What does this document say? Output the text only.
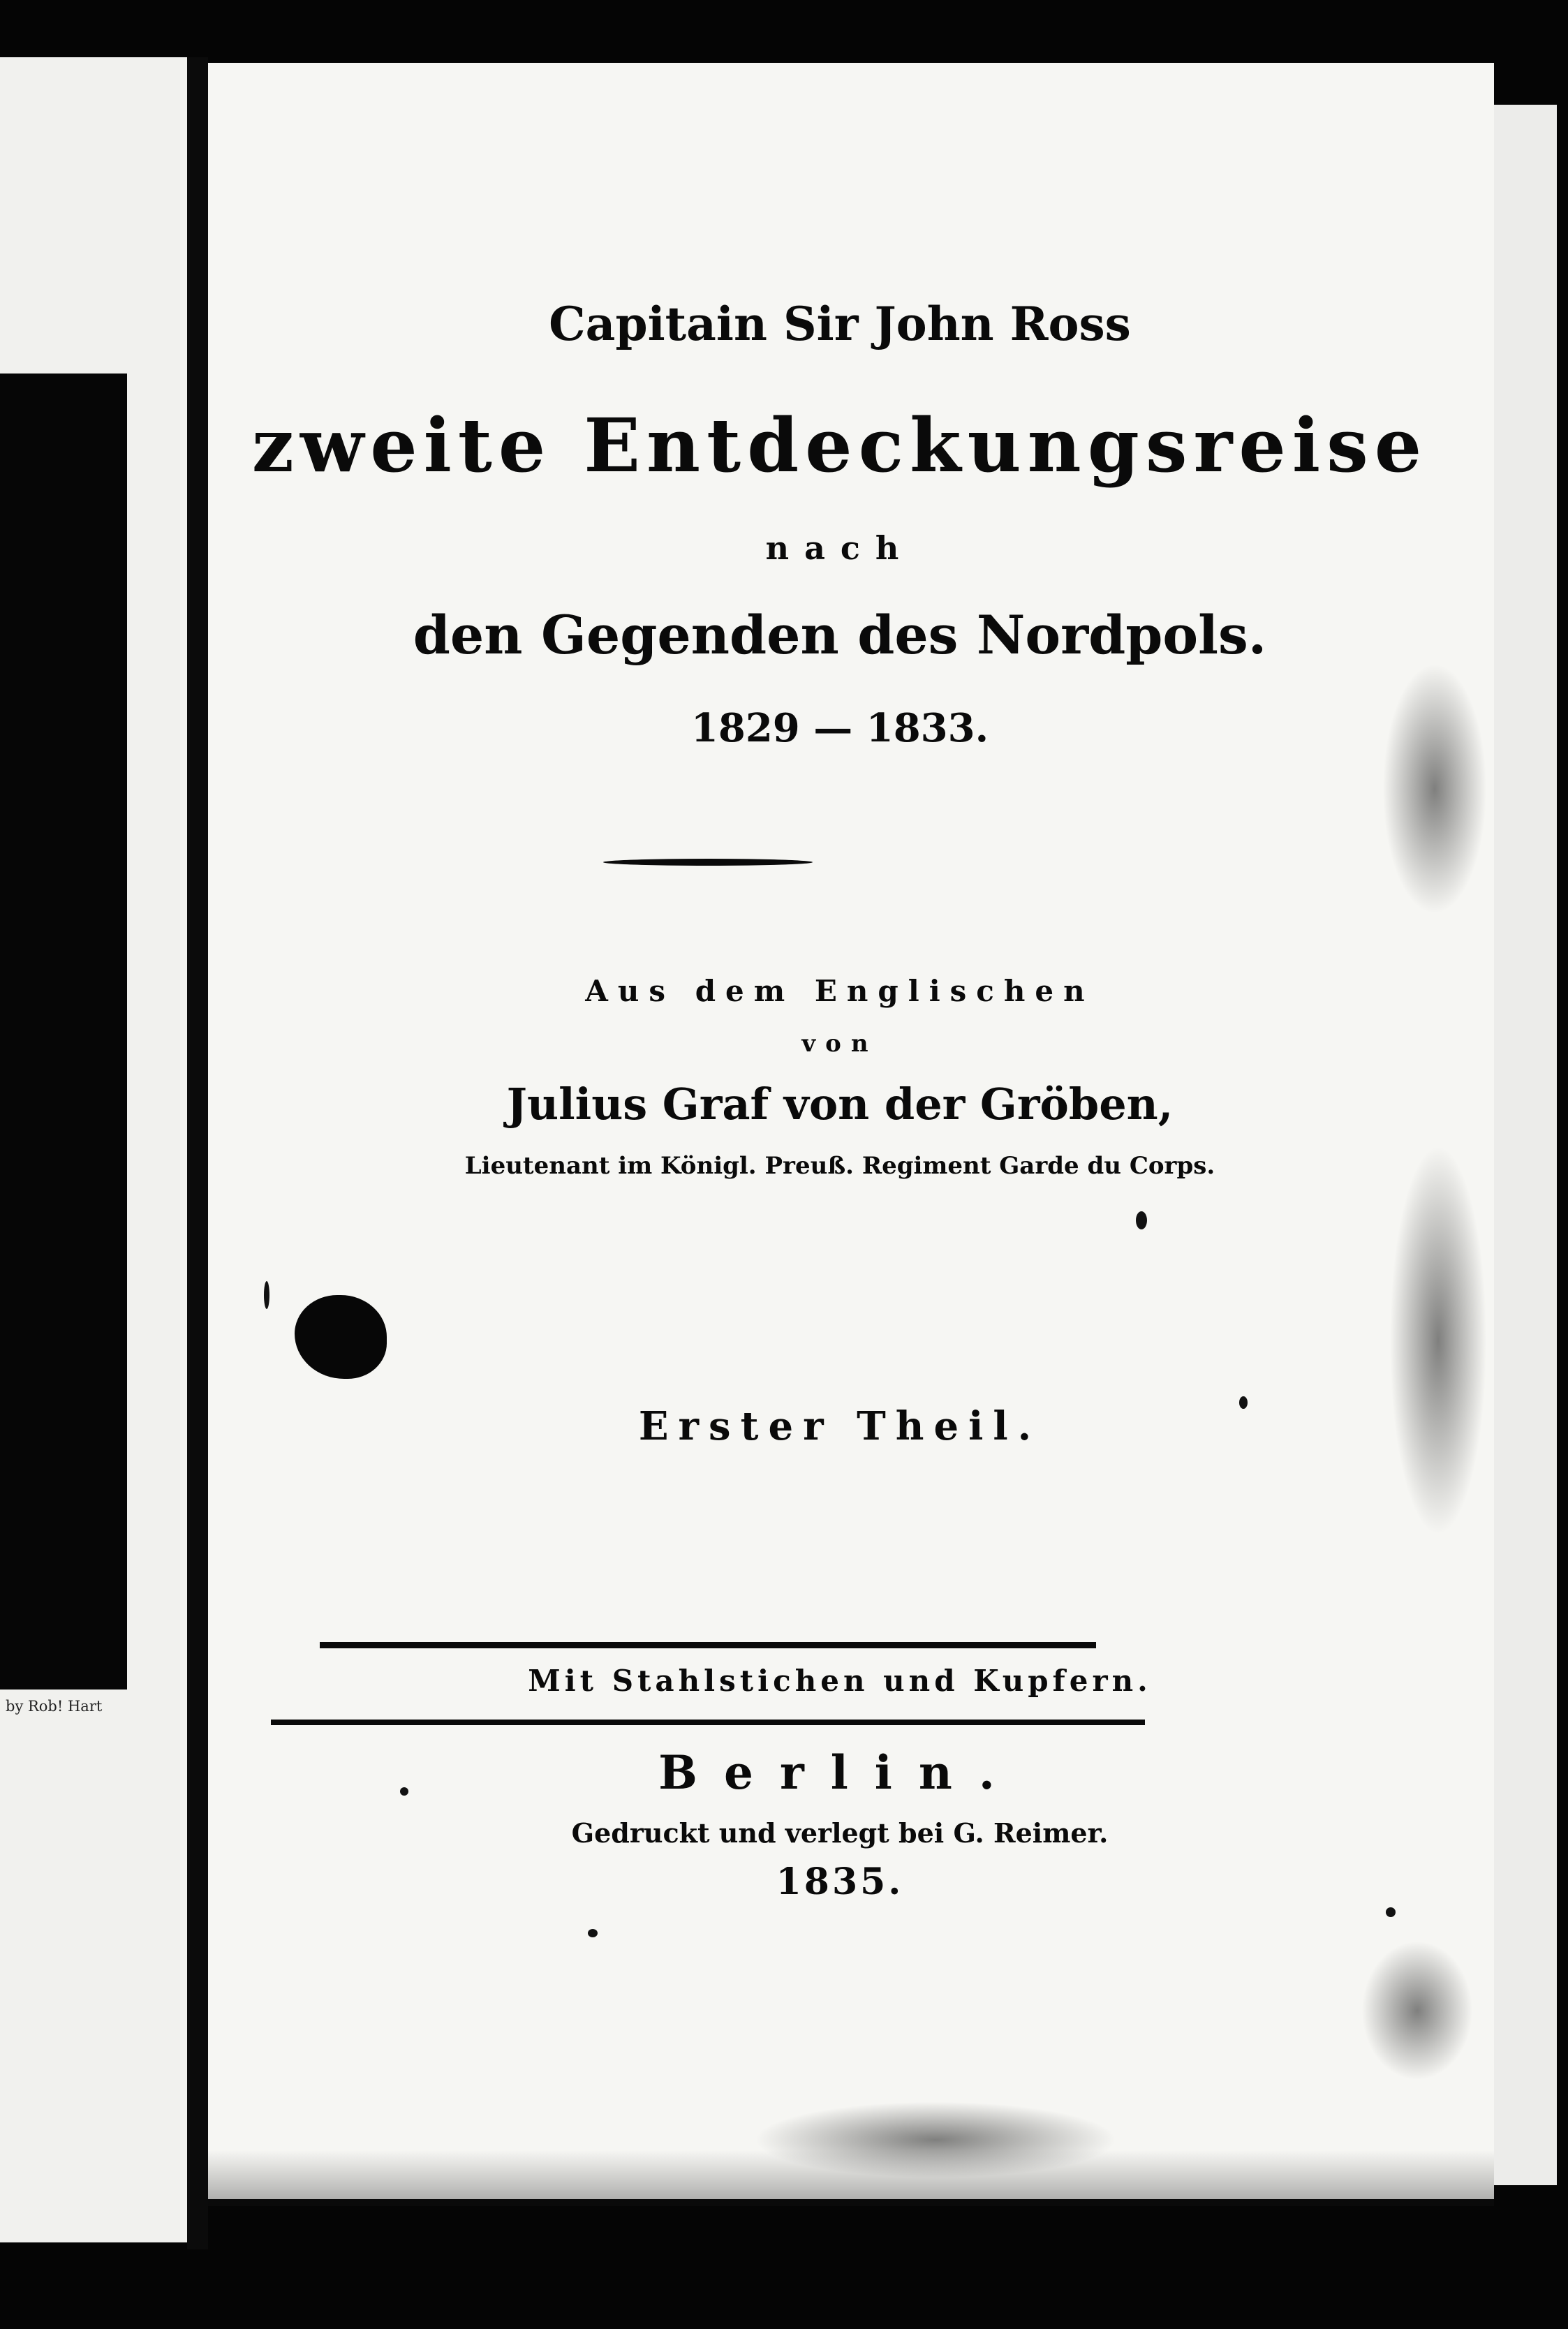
by Rob! Hart
Capitain Sir John Ross
zweite Entdeckungsreise
nach
den Gegenden des Nordpols.
1829 — 1833.
Aus dem Englischen
von
Julius Graf von der Gröben,
Lieutenant im Königl. Preuß. Regiment Garde du Corps.
Erster Theil.
Mit Stahlstichen und Kupfern.
Berlin.
Gedruckt und verlegt bei G. Reimer.
1835.
